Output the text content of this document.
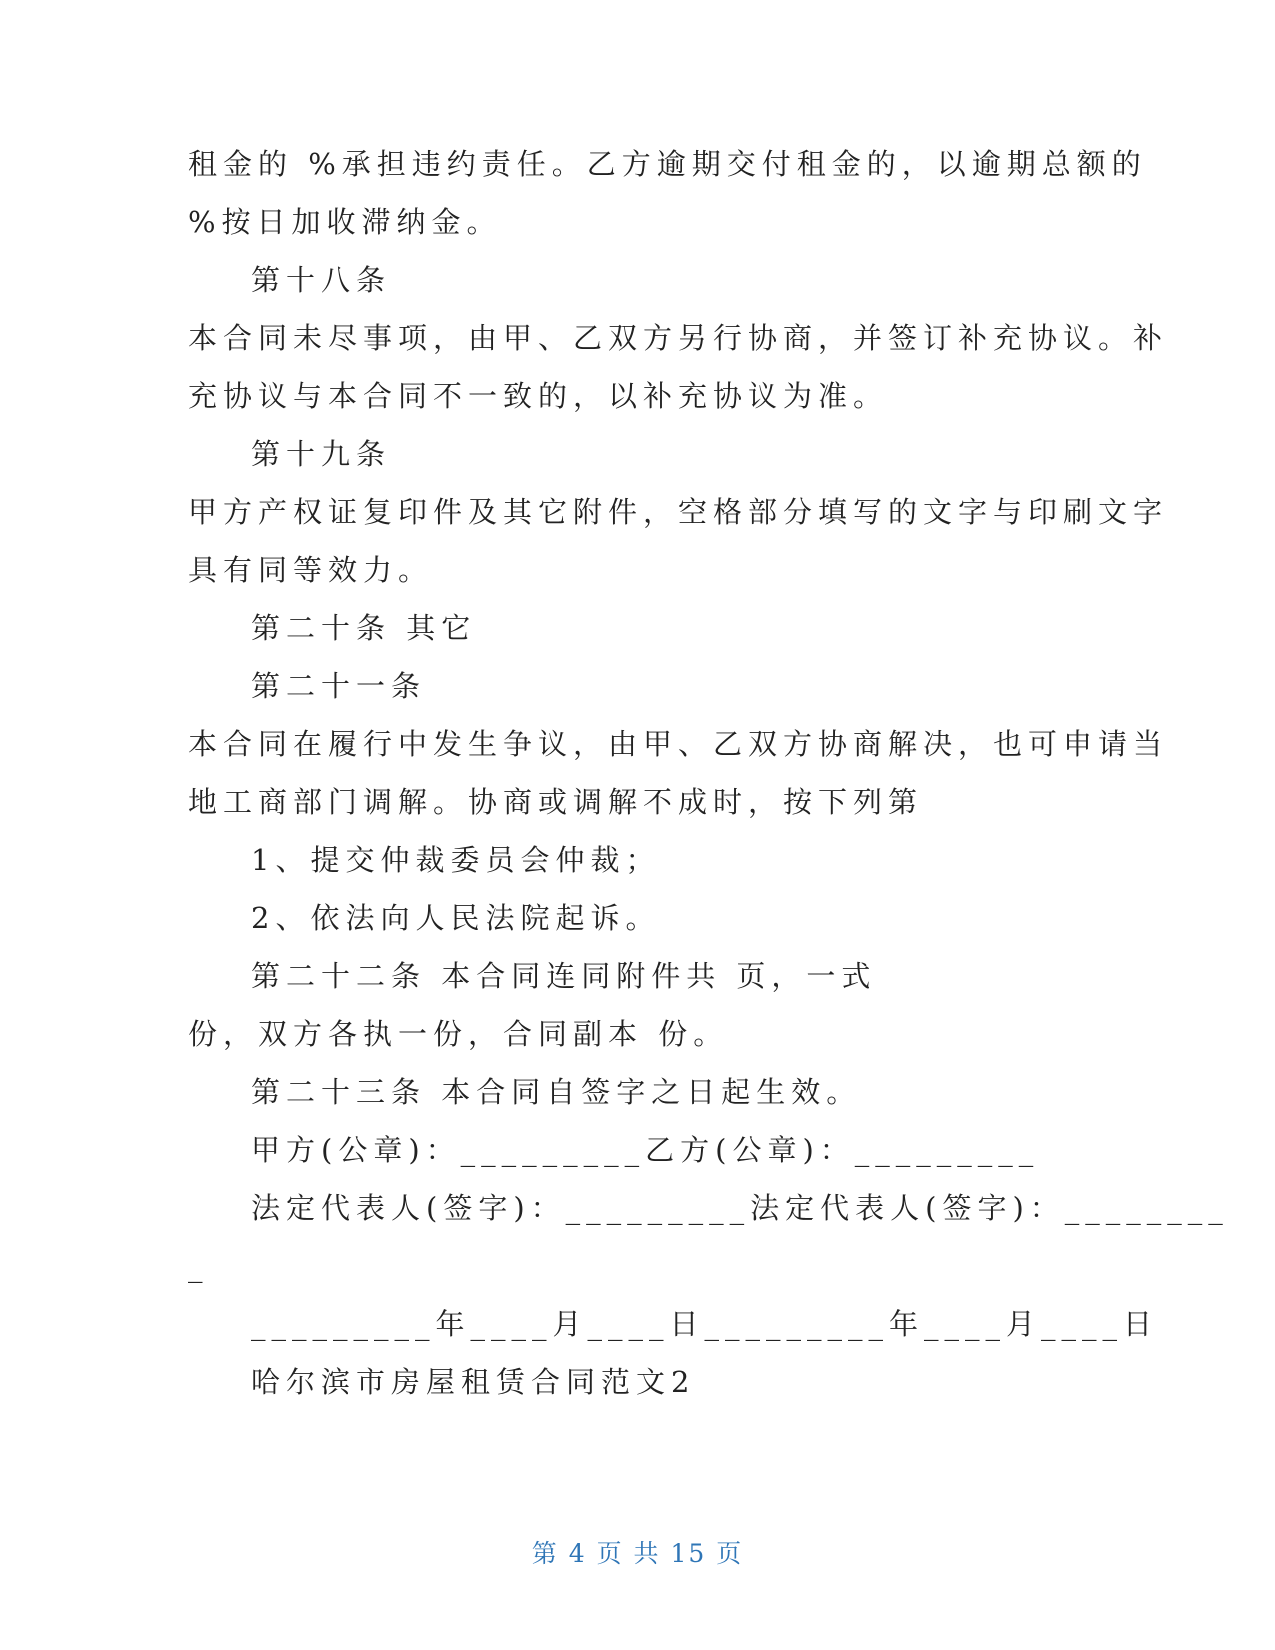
租金的 %承担违约责任。乙方逾期交付租金的，以逾期总额的
%按日加收滞纳金。
第十八条
本合同未尽事项，由甲、乙双方另行协商，并签订补充协议。补
充协议与本合同不一致的，以补充协议为准。
第十九条
甲方产权证复印件及其它附件，空格部分填写的文字与印刷文字
具有同等效力。
第二十条 其它
第二十一条
本合同在履行中发生争议，由甲、乙双方协商解决，也可申请当
地工商部门调解。协商或调解不成时，按下列第
1、提交仲裁委员会仲裁；
2、依法向人民法院起诉。
第二十二条 本合同连同附件共 页，一式
份，双方各执一份，合同副本 份。
第二十三条 本合同自签字之日起生效。
甲方(公章)：_________乙方(公章)：_________
法定代表人(签字)：_________法定代表人(签字)：________
_
_________年____月____日_________年____月____日
哈尔滨市房屋租赁合同范文2
第 4 页 共 15 页
